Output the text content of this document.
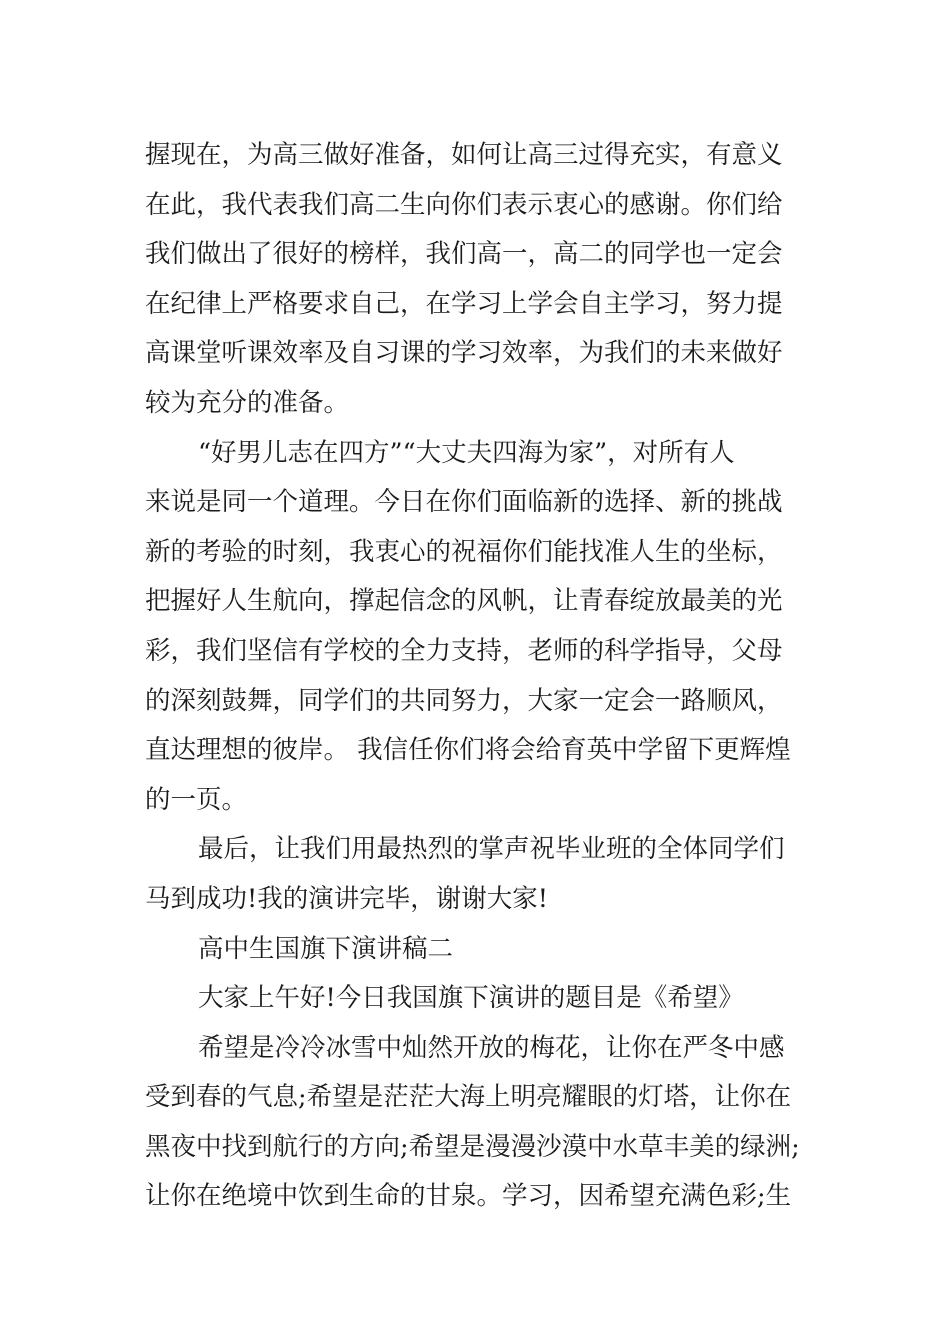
握现在，为高三做好准备，如何让高三过得充实，有意义
在此，我代表我们高二生向你们表示衷心的感谢。你们给
我们做出了很好的榜样，我们高一，高二的同学也一定会
在纪律上严格要求自己，在学习上学会自主学习，努力提
高课堂听课效率及自习课的学习效率，为我们的未来做好
较为充分的准备。
“好男儿志在四方”“大丈夫四海为家”，对所有人
来说是同一个道理。今日在你们面临新的选择、新的挑战
新的考验的时刻，我衷心的祝福你们能找准人生的坐标，
把握好人生航向，撑起信念的风帆，让青春绽放最美的光
彩，我们坚信有学校的全力支持，老师的科学指导，父母
的深刻鼓舞，同学们的共同努力，大家一定会一路顺风，
直达理想的彼岸。 我信任你们将会给育英中学留下更辉煌
的一页。
最后，让我们用最热烈的掌声祝毕业班的全体同学们
马到成功!我的演讲完毕，谢谢大家!
高中生国旗下演讲稿二
大家上午好!今日我国旗下演讲的题目是《希望》
希望是冷冷冰雪中灿然开放的梅花，让你在严冬中感
受到春的气息;希望是茫茫大海上明亮耀眼的灯塔，让你在
黑夜中找到航行的方向;希望是漫漫沙漠中水草丰美的绿洲;
让你在绝境中饮到生命的甘泉。学习，因希望充满色彩;生
